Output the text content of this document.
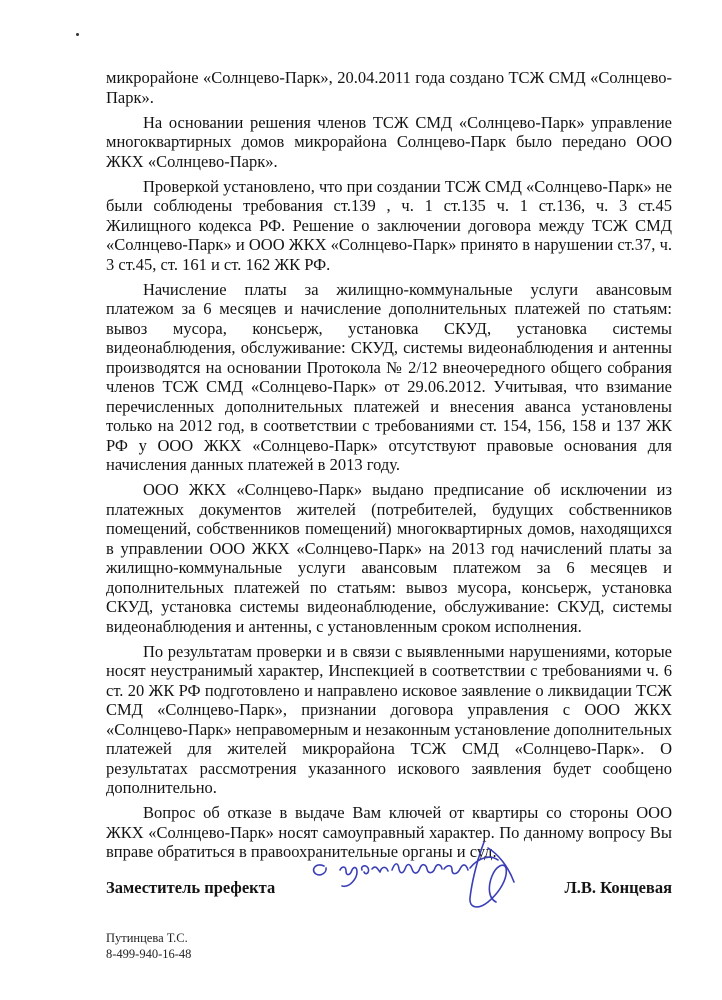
микрорайоне «Солнцево-Парк», 20.04.2011 года создано ТСЖ СМД «Солнцево-Парк».

На основании решения членов ТСЖ СМД «Солнцево-Парк» управление многоквартирных домов микрорайона Солнцево-Парк было передано ООО ЖКХ «Солнцево-Парк».

Проверкой установлено, что при создании ТСЖ СМД «Солнцево-Парк» не были соблюдены требования ст.139 , ч. 1 ст.135 ч. 1 ст.136, ч. 3 ст.45 Жилищного кодекса РФ. Решение о заключении договора между ТСЖ СМД «Солнцево-Парк» и ООО ЖКХ «Солнцево-Парк» принято в нарушении ст.37, ч. 3 ст.45, ст. 161 и ст. 162 ЖК РФ.

Начисление платы за жилищно-коммунальные услуги авансовым платежом за 6 месяцев и начисление дополнительных платежей по статьям: вывоз мусора, консьерж, установка СКУД, установка системы видеонаблюдения, обслуживание: СКУД, системы видеонаблюдения и антенны производятся на основании Протокола № 2/12 внеочередного общего собрания членов ТСЖ СМД «Солнцево-Парк» от 29.06.2012. Учитывая, что взимание перечисленных дополнительных платежей и внесения аванса установлены только на 2012 год, в соответствии с требованиями ст. 154, 156, 158 и 137 ЖК РФ у ООО ЖКХ «Солнцево-Парк» отсутствуют правовые основания для начисления данных платежей в 2013 году.

ООО ЖКХ «Солнцево-Парк» выдано предписание об исключении из платежных документов жителей (потребителей, будущих собственников помещений, собственников помещений) многоквартирных домов, находящихся в управлении ООО ЖКХ «Солнцево-Парк» на 2013 год начислений платы за жилищно-коммунальные услуги авансовым платежом за 6 месяцев и дополнительных платежей по статьям: вывоз мусора, консьерж, установка СКУД, установка системы видеонаблюдение, обслуживание: СКУД, системы видеонаблюдения и антенны, с установленным сроком исполнения.

По результатам проверки и в связи с выявленными нарушениями, которые носят неустранимый характер, Инспекцией в соответствии с требованиями ч. 6 ст. 20 ЖК РФ подготовлено и направлено исковое заявление о ликвидации ТСЖ СМД «Солнцево-Парк», признании договора управления с ООО ЖКХ «Солнцево-Парк» неправомерным и незаконным установление дополнительных платежей для жителей микрорайона ТСЖ СМД «Солнцево-Парк». О результатах рассмотрения указанного искового заявления будет сообщено дополнительно.

Вопрос об отказе в выдаче Вам ключей от квартиры со стороны ООО ЖКХ «Солнцево-Парк» носят самоуправный характер. По данному вопросу Вы вправе обратиться в правоохранительные органы и суд.

Заместитель префекта	Л.В. Концевая
Путинцева Т.С.
8-499-940-16-48
